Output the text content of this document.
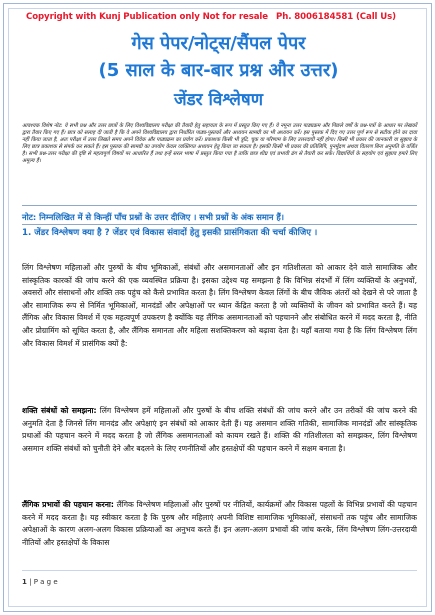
Copyright with Kunj Publication only Not for resale Ph. 8006184581 (Call Us)
गेस पेपर/नोट्स/सैंपल पेपर
(5 साल के बार-बार प्रश्न और उत्तर)
जेंडर विश्लेषण
आवश्यक विशेष नोट: ये सभी प्रश्न और उत्तर छात्रों के लिए विश्वविद्यालय परीक्षा की तैयारी हेतु सहायता के रूप में प्रस्तुत किए गए हैं। ये नमूना उत्तर पाठ्यक्रम और पिछले वर्षों के प्रश्न-पत्रों के आधार पर लेखकों द्वारा तैयार किए गए हैं। छात्र को सलाह दी जाती है कि वे अपने विश्वविद्यालय द्वारा निर्धारित पाठ्य-पुस्तकों और अध्ययन सामग्री का भी अध्ययन करें। इस पुस्तक में दिए गए उत्तर पूर्ण रूप से सटीक होने का दावा नहीं किया जाता है, अतः परीक्षा में उत्तर लिखते समय अपने विवेक और पाठ्यक्रम का प्रयोग करें। प्रकाशक किसी भी त्रुटि, चूक या परिणाम के लिए उत्तरदायी नहीं होगा। किसी भी प्रकार की जानकारी या सुझाव के लिए छात्र प्रकाशक से संपर्क कर सकते हैं। इस पुस्तक की सामग्री का उपयोग केवल व्यक्तिगत अध्ययन हेतु किया जा सकता है। इसकी किसी भी प्रकार की प्रतिलिपि, पुनर्मुद्रण अथवा वितरण बिना अनुमति के वर्जित है। सभी प्रश्न-उत्तर परीक्षा की दृष्टि से महत्वपूर्ण विषयों पर आधारित हैं तथा इन्हें सरल भाषा में प्रस्तुत किया गया है ताकि छात्र शीघ्र एवं प्रभावी ढंग से तैयारी कर सकें। विद्यार्थियों के सहयोग एवं सुझाव हमारे लिए अमूल्य हैं।
नोट: निम्नलिखित में से किन्हीं पाँच प्रश्नों के उत्तर दीजिए । सभी प्रश्नों के अंक समान हैं।
1. जेंडर विश्लेषण क्या है ? जेंडर एवं विकास संवादों हेतु इसकी प्रासंगिकता की चर्चा कीजिए ।
लिंग विश्लेषण महिलाओं और पुरुषों के बीच भूमिकाओं, संबंधों और असमानताओं और इन गतिशीलता को आकार देने वाले सामाजिक और सांस्कृतिक कारकों की जांच करने की एक व्यवस्थित प्रक्रिया है। इसका उद्देश्य यह समझना है कि विभिन्न संदर्भों में लिंग व्यक्तियों के अनुभवों, अवसरों और संसाधनों और शक्ति तक पहुंच को कैसे प्रभावित करता है। लिंग विश्लेषण केवल लिंगों के बीच जैविक अंतरों को देखने से परे जाता है और सामाजिक रूप से निर्मित भूमिकाओं, मानदंडों और अपेक्षाओं पर ध्यान केंद्रित करता है जो व्यक्तियों के जीवन को प्रभावित करते हैं। यह लैंगिक और विकास विमर्श में एक महत्वपूर्ण उपकरण है क्योंकि यह लैंगिक असमानताओं को पहचानने और संबोधित करने में मदद करता है, नीति और प्रोग्रामिंग को सूचित करता है, और लैंगिक समानता और महिला सशक्तिकरण को बढ़ावा देता है। यहाँ बताया गया है कि लिंग विश्लेषण लिंग और विकास विमर्श में प्रासंगिक क्यों है:
शक्ति संबंधों को समझना: लिंग विश्लेषण हमें महिलाओं और पुरुषों के बीच शक्ति संबंधों की जांच करने और उन तरीकों की जांच करने की अनुमति देता है जिनसे लिंग मानदंड और अपेक्षाएं इन संबंधों को आकार देती हैं। यह असमान शक्ति गतिकी, सामाजिक मानदंडों और सांस्कृतिक प्रथाओं की पहचान करने में मदद करता है जो लैंगिक असमानताओं को कायम रखते हैं। शक्ति की गतिशीलता को समझकर, लिंग विश्लेषण असमान शक्ति संबंधों को चुनौती देने और बदलने के लिए रणनीतियों और हस्तक्षेपों की पहचान करने में सक्षम बनाता है।
लैंगिक प्रभावों की पहचान करना: लैंगिक विश्लेषण महिलाओं और पुरुषों पर नीतियों, कार्यक्रमों और विकास पहलों के विभिन्न प्रभावों की पहचान करने में मदद करता है। यह स्वीकार करता है कि पुरुष और महिलाएं अपनी विशिष्ट सामाजिक भूमिकाओं, संसाधनों तक पहुंच और सामाजिक अपेक्षाओं के कारण अलग-अलग विकास प्रक्रियाओं का अनुभव करते हैं। इन अलग-अलग प्रभावों की जांच करके, लिंग विश्लेषण लिंग-उत्तरदायी नीतियों और हस्तक्षेपों के विकास
1 | P a g e
